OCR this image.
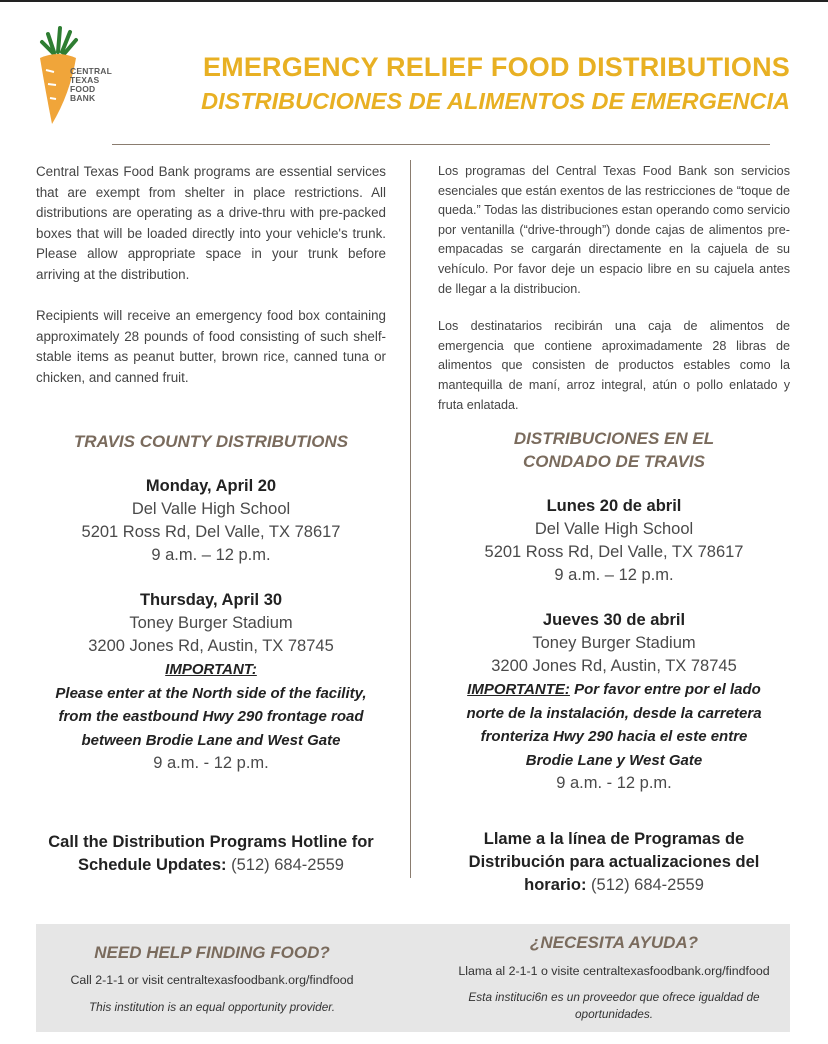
CENTRAL
TEXAS
FOOD
BANK
EMERGENCY RELIEF FOOD DISTRIBUTIONS
DISTRIBUCIONES DE ALIMENTOS DE EMERGENCIA

Central Texas Food Bank programs are essential services that are exempt from shelter in place restrictions. All distributions are operating as a drive-thru with pre-packed boxes that will be loaded directly into your vehicle's trunk. Please allow appropriate space in your trunk before arriving at the distribution.

Recipients will receive an emergency food box containing approximately 28 pounds of food consisting of such shelf-stable items as peanut butter, brown rice, canned tuna or chicken, and canned fruit.

Los programas del Central Texas Food Bank son servicios esenciales que están exentos de las restricciones de “toque de queda.” Todas las distribuciones estan operando como servicio por ventanilla (“drive-through”) donde cajas de alimentos pre-empacadas se cargarán directamente en la cajuela de su vehículo. Por favor deje un espacio libre en su cajuela antes de llegar a la distribucion.

Los destinatarios recibirán una caja de alimentos de emergencia que contiene aproximadamente 28 libras de alimentos que consisten de productos estables como la mantequilla de maní, arroz integral, atún o pollo enlatado y fruta enlatada.

TRAVIS COUNTY DISTRIBUTIONS
Monday, April 20
Del Valle High School
5201 Ross Rd, Del Valle, TX 78617
9 a.m. – 12 p.m.
Thursday, April 30
Toney Burger Stadium
3200 Jones Rd, Austin, TX 78745
IMPORTANT:
Please enter at the North side of the facility,
from the eastbound Hwy 290 frontage road
between Brodie Lane and West Gate
9 a.m. - 12 p.m.
Call the Distribution Programs Hotline for
Schedule Updates: (512) 684-2559
DISTRIBUCIONES EN EL
CONDADO DE TRAVIS
Lunes 20 de abril
Del Valle High School
5201 Ross Rd, Del Valle, TX 78617
9 a.m. – 12 p.m.
Jueves 30 de abril
Toney Burger Stadium
3200 Jones Rd, Austin, TX 78745
IMPORTANTE: Por favor entre por el lado
norte de la instalación, desde la carretera
fronteriza Hwy 290 hacia el este entre
Brodie Lane y West Gate
9 a.m. - 12 p.m.
Llame a la línea de Programas de
Distribución para actualizaciones del
horario: (512) 684-2559
NEED HELP FINDING FOOD?
Call 2-1-1 or visit centraltexasfoodbank.org/findfood
This institution is an equal opportunity provider.
¿NECESITA AYUDA?
Llama al 2-1-1 o visite centraltexasfoodbank.org/findfood
Esta instituci6n es un proveedor que ofrece igualdad de
oportunidades.
